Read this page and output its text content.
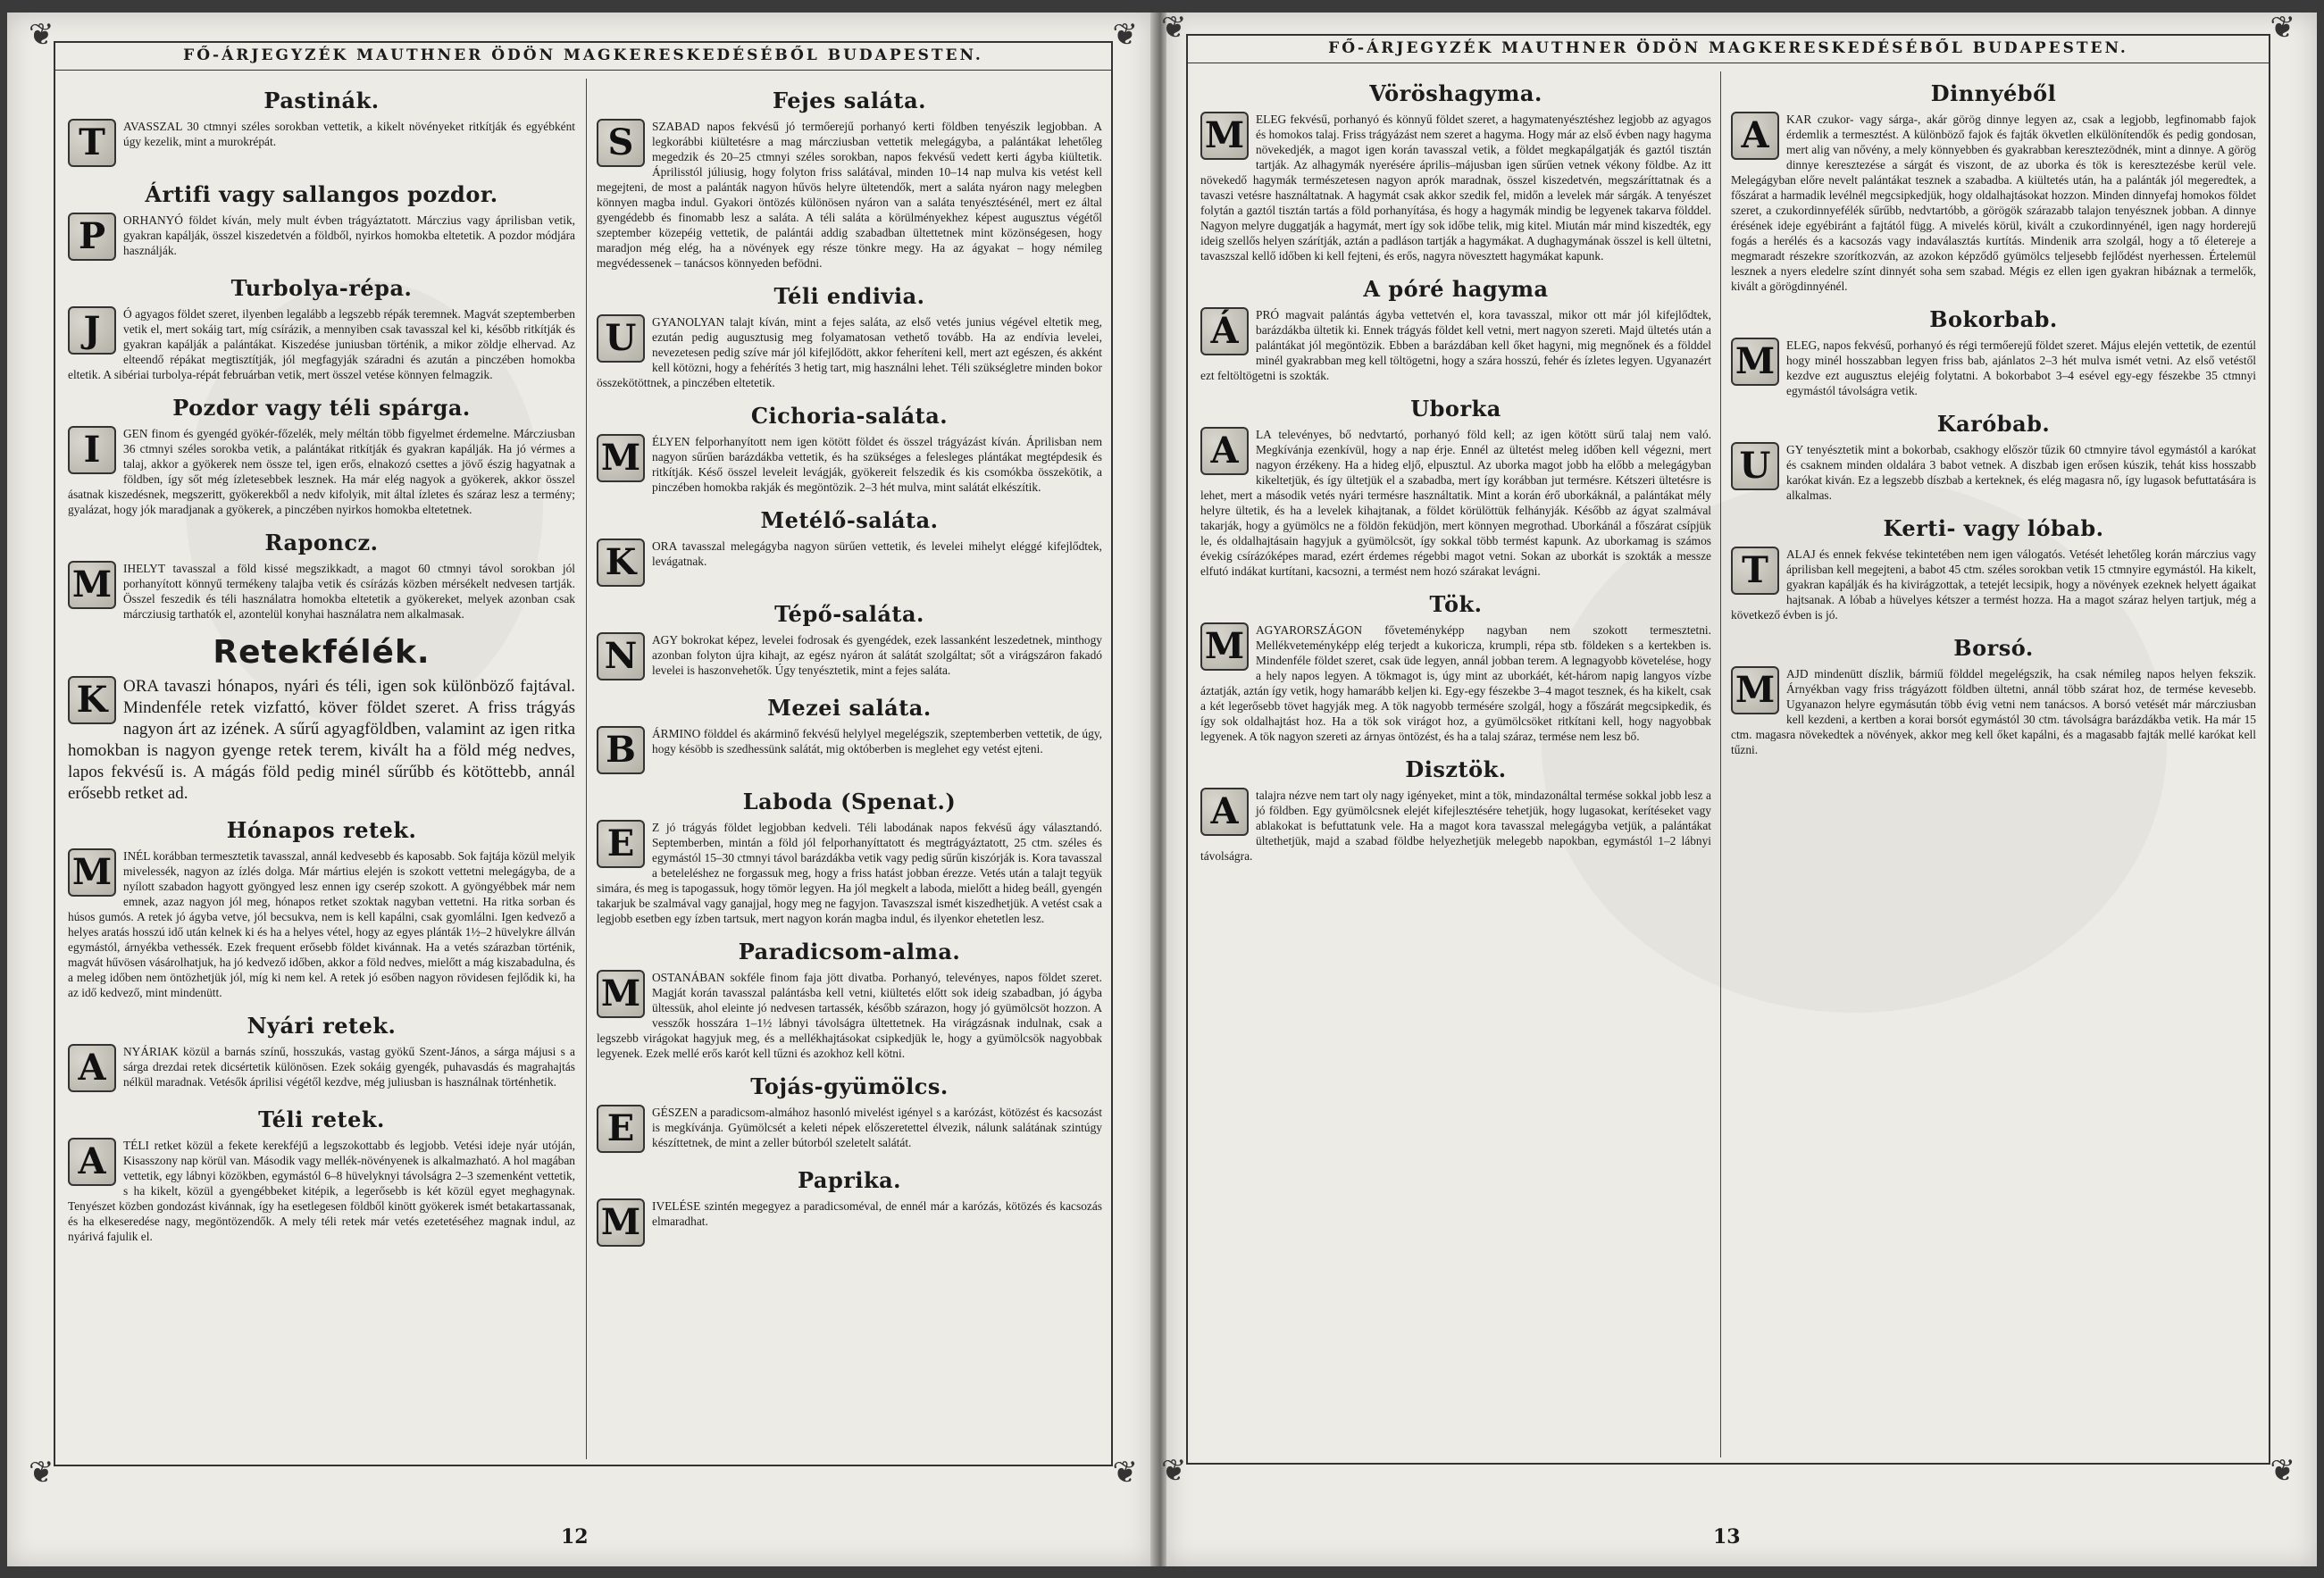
❦	❦
❦	❦
FŐ-ÁRJEGYZÉK MAUTHNER ÖDÖN MAGKERESKEDÉSÉBŐL BUDAPESTEN.
Pastinák.
T	AVASSZAL 30 ctmnyi széles sorokban vettetik, a kikelt növényeket ritkítják és egyébként úgy kezelik, mint a murokrépát.
Ártifi vagy sallangos pozdor.
P	ORHANYÓ földet kíván, mely mult évben trágyáztatott. Márczius vagy áprilisban vetik, gyakran kapálják, összel kiszedetvén a földből, nyirkos homokba eltetetik. A pozdor módjára használják.
Turbolya-répa.
J	Ó agyagos földet szeret, ilyenben legalább a legszebb répák teremnek. Magvát szeptemberben vetik el, mert sokáig tart, míg csírázik, a mennyiben csak tavasszal kel ki, később ritkítják és gyakran kapálják a palántákat. Kiszedése juniusban történik, a mikor zöldje elhervad. Az elteendő répákat megtisztítják, jól megfagyják száradni és azután a pinczében homokba eltetik. A sibériai turbolya-répát februárban vetik, mert összel vetése könnyen felmagzik.
Pozdor vagy téli spárga.
I	GEN finom és gyengéd gyökér-főzelék, mely méltán több figyelmet érdemelne. Márcziusban 36 ctmnyi széles sorokba vetik, a palántákat ritkítják és gyakran kapálják. Ha jó vérmes a talaj, akkor a gyökerek nem össze tel, igen erős, elnakozó csettes a jövő észig hagyatnak a földben, így sőt még ízletesebbek lesznek. Ha már elég nagyok a gyökerek, akkor összel ásatnak kiszedésnek, megszeritt, gyökerekből a nedv kifolyik, mit által ízletes és száraz lesz a termény; gyalázat, hogy jók maradjanak a gyökerek, a pinczében nyirkos homokba eltetetnek.
Raponcz.
M IHELYT tavasszal a föld kissé megszikkadt, a magot 60 ctmnyi távol sorokban jól porhanyított könnyű termékeny talajba vetik és csírázás közben mérsékelt nedvesen tartják. Összel feszedik és téli használatra homokba eltetetik a gyökereket, melyek azonban csak márcziusig tarthatók el, azontelül konyhai használatra nem alkalmasak.
Retekfélék.
K ORA tavaszi hónapos, nyári és téli, igen sok különböző fajtával. Mindenféle retek vizfattó, köver földet szeret. A friss trágyás nagyon árt az izének. A sűrű agyagföldben, valamint az igen ritka homokban is nagyon gyenge retek terem, kivált ha a föld még nedves, lapos fekvésű is. A mágás föld pedig minél sűrűbb és kötöttebb, annál erősebb retket ad.
Hónapos retek.
M INÉL korábban termesztetik tavasszal, annál kedvesebb és kaposabb. Sok fajtája közül melyik mivelessék, nagyon az ízlés dolga. Már mártius elején is szokott vettetni melegágyba, de a nyílott szabadon hagyott gyöngyed lesz ennen igy cserép szokott. A gyöngyébbek már nem emnek, azaz nagyon jól meg, hónapos retket szoktak nagyban vettetni. Ha ritka sorban és húsos gumós. A retek jó ágyba vetve, jól becsukva, nem is kell kapálni, csak gyomlálni. Igen kedvező a helyes aratás hosszú idő után kelnek ki és ha a helyes vétel, hogy az egyes plánták 1½–2 hüvelykre állván egymástól, árnyékba vethessék. Ezek frequent erősebb földet kivánnak. Ha a vetés szárazban történik, magvát hűvösen vásárolhatjuk, ha jó kedvező időben, akkor a föld nedves, mielőtt a mág kiszabadulna, és a meleg időben nem öntözhetjük jól, míg ki nem kel. A retek jó esőben nagyon rövidesen fejlődik ki, ha az idő kedvező, mint mindenütt.
Nyári retek.
A	NYÁRIAK közül a barnás színű, hosszukás, vastag gyökű Szent-János, a sárga májusi s a sárga drezdai retek dicsértetik különösen. Ezek sokáig gyengék, puhavasdás és magrahajtás nélkül maradnak. Vetésők áprilisi végétől kezdve, még juliusban is használnak történhetik.
Téli retek.
A	TÉLI retket közül a fekete kerekféjű a legszokottabb és legjobb. Vetési ideje nyár utóján, Kisasszony nap körül van. Második vagy mellék-növényenek is alkalmazható. A hol magában vettetik, egy lábnyi közökben, egymástól 6–8 hüvelyknyi távolságra 2–3 szemenként vettetik, s ha kikelt, közül a gyengébbeket kitépik, a legerősebb is két közül egyet meghagynak. Tenyészet közben gondozást kivánnak, így ha esetlegesen földből kinött gyökerek ismét betakartassanak, és ha elkeseredése nagy, megöntözendők. A mely téli retek már vetés ezetetéséhez magnak indul, az nyárivá fajulik el.
Fejes saláta.
S	SZABAD napos fekvésű jó termőerejű porhanyó kerti földben tenyészik legjobban. A legkorábbi kiültetésre a mag márcziusban vettetik melegágyba, a palántákat lehetőleg megedzik és 20–25 ctmnyi széles sorokban, napos fekvésű vedett kerti ágyba kiültetik. Áprilisstól júliusig, hogy folyton friss salátával, minden 10–14 nap mulva kis vetést kell megejteni, de most a palánták nagyon hűvös helyre ültetendők, mert a saláta nyáron nagy melegben könnyen magba indul. Gyakori öntözés különösen nyáron van a saláta tenyésztésénél, mert ez által gyengédebb és finomabb lesz a saláta. A téli saláta a körülményekhez képest augusztus végétől szeptember közepéig vettetik, de palántái addig szabadban ültettetnek mint közönségesen, hogy maradjon még elég, ha a növények egy része tönkre megy. Ha az ágyakat – hogy némileg megvédessenek – tanácsos könnyeden befödni.
Téli endivia.
U	GYANOLYAN talajt kíván, mint a fejes saláta, az első vetés junius végével eltetik meg, ezután pedig augusztusig meg folyamatosan vethető tovább. Ha az endívia levelei, nevezetesen pedig szíve már jól kifejlődött, akkor feheríteni kell, mert azt egészen, és akként kell kötözni, hogy a fehérítés 3 hetig tart, mig használni lehet. Téli szükségletre minden bokor összekötöttnek, a pinczében eltetetik.
Cichoria-saláta.
M ÉLYEN felporhanyított nem igen kötött földet és összel trágyázást kíván. Áprilisban nem nagyon sűrűen barázdákba vettetik, és ha szükséges a felesleges plántákat megtépdesik és ritkítják. Késő összel leveleit levágják, gyökereit felszedik és kis csomókba összekötik, a pinczében homokba rakják és megöntözik. 2–3 hét mulva, mint salátát elkészítik.
Metélő-saláta.
K	ORA tavasszal melegágyba nagyon sürűen vettetik, és levelei mihelyt eléggé kifejlődtek, levágatnak.
Tépő-saláta.
N	AGY bokrokat képez, levelei fodrosak és gyengédek, ezek lassanként leszedetnek, minthogy azonban folyton újra kihajt, az egész nyáron át salátát szolgáltat; sőt a virágszáron fakadó levelei is haszonvehetők. Úgy tenyésztetik, mint a fejes saláta.
Mezei saláta.
B	ÁRMINO földdel és akárminő fekvésű helylyel megelégszik, szeptemberben vettetik, de úgy, hogy késöbb is szedhessünk salátát, mig októberben is meglehet egy vetést ejteni.
Laboda (Spenat.)
E	Z jó trágyás földet legjobban kedveli. Téli labodának napos fekvésű ágy választandó. Septemberben, mintán a föld jól felporhanyíttatott és megtrágyáztatott, 25 ctm. széles és egymástól 15–30 ctmnyi távol barázdákba vetik vagy pedig sűrűn kiszórják is. Kora tavasszal a beteleléshez ne forgassuk meg, hogy a friss hatást jobban érezze. Vetés után a talajt tegyük simára, és meg is tapogassuk, hogy tömör legyen. Ha jól megkelt a laboda, mielőtt a hideg beáll, gyengén takarjuk be szalmával vagy ganajjal, hogy meg ne fagyjon. Tavaszszal ismét kiszedhetjük. A vetést csak a legjobb esetben egy ízben tartsuk, mert nagyon korán magba indul, és ilyenkor ehetetlen lesz.
Paradicsom-alma.
M OSTANÁBAN sokféle finom faja jött divatba. Porhanyó, televényes, napos földet szeret. Magját korán tavasszal palántásba kell vetni, kiültetés előtt sok ideig szabadban, jó ágyba ültessük, ahol eleinte jó nedvesen tartassék, később szárazon, hogy jó gyümölcsöt hozzon. A vesszők hosszára 1–1½ lábnyi távolságra ültettetnek. Ha virágzásnak indulnak, csak a legszebb virágokat hagyjuk meg, és a mellékhajtásokat csipkedjük le, hogy a gyümölcsök nagyobbak legyenek. Ezek mellé erős karót kell tűzni és azokhoz kell kötni.
Tojás-gyümölcs.
E	GÉSZEN a paradicsom-almához hasonló mivelést igényel s a karózást, kötözést és kacsozást is megkívánja. Gyümölcsét a keleti népek előszeretettel élvezik, nálunk salátának szintúgy készíttetnek, de mint a zeller bútorból szeletelt salátát.
Paprika.
M IVELÉSE szintén megegyez a paradicsoméval, de ennél már a karózás, kötözés és kacsozás elmaradhat.
12
❦	❦
❦	❦
FŐ-ÁRJEGYZÉK MAUTHNER ÖDÖN MAGKERESKEDÉSÉBŐL BUDAPESTEN.
Vöröshagyma.
M ELEG fekvésű, porhanyó és könnyű földet szeret, a hagymatenyésztéshez legjobb az agyagos és homokos talaj. Friss trágyázást nem szeret a hagyma. Hogy már az első évben nagy hagyma növekedjék, a magot igen korán tavasszal vetik, a földet megkapálgatják és gaztól tisztán tartják. Az alhagymák nyerésére április–májusban igen sűrűen vetnek vékony földbe. Az itt növekedő hagymák természetesen nagyon aprók maradnak, összel kiszedetvén, megszáríttatnak és a tavaszi vetésre használtatnak. A hagymát csak akkor szedik fel, midőn a levelek már sárgák. A tenyészet folytán a gaztól tisztán tartás a föld porhanyítása, és hogy a hagymák mindig be legyenek takarva földdel. Nagyon melyre duggatják a hagymát, mert így sok időbe telik, mig kitel. Miután már mind kiszedték, egy ideig szellős helyen szárítják, aztán a padláson tartják a hagymákat. A dughagymának összel is kell ültetni, tavaszszal kellő időben ki kell fejteni, és erős, nagyra növesztett hagymákat kapunk.
A póré hagyma
Á	PRÓ magvait palántás ágyba vettetvén el, kora tavasszal, mikor ott már jól kifejlődtek, barázdákba ültetik ki. Ennek trágyás földet kell vetni, mert nagyon szereti. Majd ültetés után a palántákat jól megöntözik. Ebben a barázdában kell őket hagyni, mig megnőnek és a földdel minél gyakrabban meg kell töltögetni, hogy a szára hosszú, fehér és ízletes legyen. Ugyanazért ezt feltöltögetni is szokták.
Uborka
A	LA televényes, bő nedvtartó, porhanyó föld kell; az igen kötött sürű talaj nem való. Megkívánja ezenkívül, hogy a nap érje. Ennél az ültetést meleg időben kell végezni, mert nagyon érzékeny. Ha a hideg eljő, elpusztul. Az uborka magot jobb ha előbb a melegágyban kikeltetjük, és így ültetjük el a szabadba, mert így korábban jut termésre. Kétszeri ültetésre is lehet, mert a második vetés nyári termésre használtatik. Mint a korán érő uborkáknál, a palántákat mély helyre ültetik, és ha a levelek kihajtanak, a földet körülöttük felhányják. Később az ágyat szalmával takarják, hogy a gyümölcs ne a földön feküdjön, mert könnyen megrothad. Uborkánál a főszárat csípjük le, és oldalhajtásain hagyjuk a gyümölcsöt, így sokkal több termést kapunk. Az uborkamag is számos évekig csírázóképes marad, ezért érdemes régebbi magot vetni. Sokan az uborkát is szokták a messze elfutó indákat kurtítani, kacsozni, a termést nem hozó szárakat levágni.
Tök.
M AGYARORSZÁGON főveteményképp nagyban nem szokott termesztetni. Mellékveteményképp elég terjedt a kukoricza, krumpli, répa stb. földeken s a kertekben is. Mindenféle földet szeret, csak üde legyen, annál jobban terem. A legnagyobb követelése, hogy a hely napos legyen. A tökmagot is, úgy mint az uborkáét, két-három napig langyos vízbe áztatják, aztán így vetik, hogy hamarább keljen ki. Egy-egy fészekbe 3–4 magot tesznek, és ha kikelt, csak a két legerősebb tövet hagyják meg. A tök nagyobb termésére szolgál, hogy a főszárát megcsipkedik, és így sok oldalhajtást hoz. Ha a tök sok virágot hoz, a gyümölcsöket ritkítani kell, hogy nagyobbak legyenek. A tök nagyon szereti az árnyas öntözést, és ha a talaj száraz, termése nem lesz bő.
Disztök.
A	talajra nézve nem tart oly nagy igényeket, mint a tök, mindazonáltal termése sokkal jobb lesz a jó földben. Egy gyümölcsnek elejét kifejlesztésére tehetjük, hogy lugasokat, kerítéseket vagy ablakokat is befuttatunk vele. Ha a magot kora tavasszal melegágyba vetjük, a palántákat ültethetjük, majd a szabad földbe helyezhetjük melegebb napokban, egymástól 1–2 lábnyi távolságra.
Dinnyéből
A	KAR czukor- vagy sárga-, akár görög dinnye legyen az, csak a legjobb, legfinomabb fajok érdemlik a termesztést. A különböző fajok és fajták ökvetlen elkülönítendők és pedig gondosan, mert alig van nővény, a mely könnyebben és gyakrabban keresztezödnék, mint a dinnye. A görög dinnye keresztezése a sárgát és viszont, de az uborka és tök is keresztezésbe kerül vele. Melegágyban előre nevelt palántákat tesznek a szabadba. A kiültetés után, ha a palánták jól megeredtek, a főszárat a harmadik levélnél megcsipkedjük, hogy oldalhajtásokat hozzon. Minden dinnyefaj homokos földet szeret, a czukordinnyefélék sűrűbb, nedvtartóbb, a görögök szárazabb talajon tenyésznek jobban. A dinnye érésének ideje egyébiránt a fajtától függ. A mivelés körül, kivált a czukordinnyénél, igen nagy horderejű fogás a herélés és a kacsozás vagy indaválasztás kurtítás. Mindenik arra szolgál, hogy a tő életereje a megmaradt részekre szorítkozván, az azokon képződő gyümölcs teljesebb fejlődést nyerhessen. Értelemül lesznek a nyers eledelre színt dinnyét soha sem szabad. Mégis ez ellen igen gyakran hibáznak a termelők, kivált a görögdinnyénél.
Bokorbab.
M ELEG, napos fekvésű, porhanyó és régi termőerejű földet szeret. Május elején vettetik, de ezentúl hogy minél hosszabban legyen friss bab, ajánlatos 2–3 hét mulva ismét vetni. Az első vetéstől kezdve ezt augusztus elejéig folytatni. A bokorbabot 3–4 esével egy-egy fészekbe 35 ctmnyi egymástól távolságra vetik.
Karóbab.
U	GY tenyésztetik mint a bokorbab, csakhogy először tűzik 60 ctmnyire távol egymástól a karókat és csaknem minden oldalára 3 babot vetnek. A diszbab igen erősen kúszik, tehát kiss hosszabb karókat kiván. Ez a legszebb díszbab a kerteknek, és elég magasra nő, így lugasok befuttatására is alkalmas.
Kerti- vagy lóbab.
T	ALAJ és ennek fekvése tekintetében nem igen válogatós. Vetését lehetőleg korán márczius vagy áprilisban kell megejteni, a babot 45 ctm. széles sorokban vetik 15 ctmnyire egymástól. Ha kikelt, gyakran kapálják és ha kivirágzottak, a tetejét lecsipik, hogy a növények ezeknek helyett ágaikat hajtsanak. A lóbab a hüvelyes kétszer a termést hozza. Ha a magot száraz helyen tartjuk, még a következő évben is jó.
Borsó.
M AJD mindenütt díszlik, bármiű földdel megelégszik, ha csak némileg napos helyen fekszik. Árnyékban vagy friss trágyázott földben ültetni, annál több szárat hoz, de termése kevesebb. Ugyanazon helyre egymásután több évig vetni nem tanácsos. A borsó vetését már márcziusban kell kezdeni, a kertben a korai borsót egymástól 30 ctm. távolságra barázdákba vetik. Ha már 15 ctm. magasra növekedtek a növények, akkor meg kell őket kapálni, és a magasabb fajták mellé karókat kell tűzni.
13
